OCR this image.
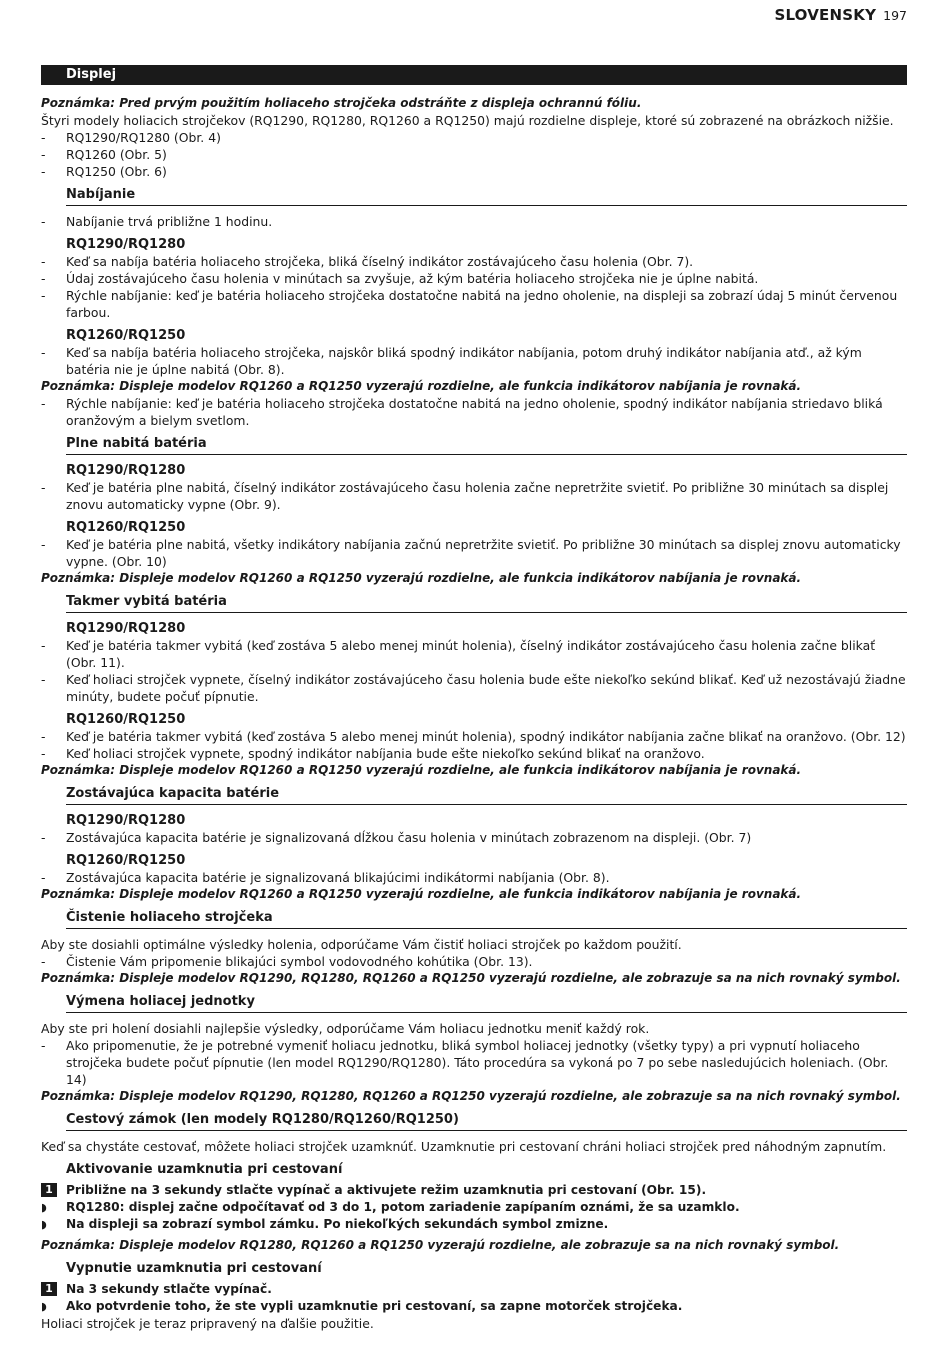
SLOVENSKY 197
Displej
Poznámka: Pred prvým použitím holiaceho strojčeka odstráňte z displeja ochrannú fóliu.
Štyri modely holiacich strojčekov (RQ1290, RQ1280, RQ1260 a RQ1250) majú rozdielne displeje, ktoré sú zobrazené na obrázkoch nižšie.
-	RQ1290/RQ1280 (Obr. 4)
-	RQ1260 (Obr. 5)
-	RQ1250 (Obr. 6)
Nabíjanie
-	Nabíjanie trvá približne 1 hodinu.
RQ1290/RQ1280
-	Keď sa nabíja batéria holiaceho strojčeka, bliká číselný indikátor zostávajúceho času holenia (Obr. 7).
-	Údaj zostávajúceho času holenia v minútach sa zvyšuje, až kým batéria holiaceho strojčeka nie je úplne nabitá.
-	Rýchle nabíjanie: keď je batéria holiaceho strojčeka dostatočne nabitá na jedno oholenie, na displeji sa zobrazí údaj 5 minút červenou farbou.
RQ1260/RQ1250
-	Keď sa nabíja batéria holiaceho strojčeka, najskôr bliká spodný indikátor nabíjania, potom druhý indikátor nabíjania atď., až kým batéria nie je úplne nabitá (Obr. 8).
Poznámka: Displeje modelov RQ1260 a RQ1250 vyzerajú rozdielne, ale funkcia indikátorov nabíjania je rovnaká.
-	Rýchle nabíjanie: keď je batéria holiaceho strojčeka dostatočne nabitá na jedno oholenie, spodný indikátor nabíjania striedavo bliká oranžovým a bielym svetlom.
Plne nabitá batéria
RQ1290/RQ1280
-	Keď je batéria plne nabitá, číselný indikátor zostávajúceho času holenia začne nepretržite svietiť. Po približne 30 minútach sa displej znovu automaticky vypne (Obr. 9).
RQ1260/RQ1250
-	Keď je batéria plne nabitá, všetky indikátory nabíjania začnú nepretržite svietiť. Po približne 30 minútach sa displej znovu automaticky vypne. (Obr. 10)
Poznámka: Displeje modelov RQ1260 a RQ1250 vyzerajú rozdielne, ale funkcia indikátorov nabíjania je rovnaká.
Takmer vybitá batéria
RQ1290/RQ1280
-	Keď je batéria takmer vybitá (keď zostáva 5 alebo menej minút holenia), číselný indikátor zostávajúceho času holenia začne blikať (Obr. 11).
-	Keď holiaci strojček vypnete, číselný indikátor zostávajúceho času holenia bude ešte niekoľko sekúnd blikať. Keď už nezostávajú žiadne minúty, budete počuť pípnutie.
RQ1260/RQ1250
-	Keď je batéria takmer vybitá (keď zostáva 5 alebo menej minút holenia), spodný indikátor nabíjania začne blikať na oranžovo. (Obr. 12)
-	Keď holiaci strojček vypnete, spodný indikátor nabíjania bude ešte niekoľko sekúnd blikať na oranžovo.
Poznámka: Displeje modelov RQ1260 a RQ1250 vyzerajú rozdielne, ale funkcia indikátorov nabíjania je rovnaká.
Zostávajúca kapacita batérie
RQ1290/RQ1280
-	Zostávajúca kapacita batérie je signalizovaná dĺžkou času holenia v minútach zobrazenom na displeji. (Obr. 7)
RQ1260/RQ1250
-	Zostávajúca kapacita batérie je signalizovaná blikajúcimi indikátormi nabíjania (Obr. 8).
Poznámka: Displeje modelov RQ1260 a RQ1250 vyzerajú rozdielne, ale funkcia indikátorov nabíjania je rovnaká.
Čistenie holiaceho strojčeka
Aby ste dosiahli optimálne výsledky holenia, odporúčame Vám čistiť holiaci strojček po každom použití.
-	Čistenie Vám pripomenie blikajúci symbol vodovodného kohútika (Obr. 13).
Poznámka: Displeje modelov RQ1290, RQ1280, RQ1260 a RQ1250 vyzerajú rozdielne, ale zobrazuje sa na nich rovnaký symbol.
Výmena holiacej jednotky
Aby ste pri holení dosiahli najlepšie výsledky, odporúčame Vám holiacu jednotku meniť každý rok.
-	Ako pripomenutie, že je potrebné vymeniť holiacu jednotku, bliká symbol holiacej jednotky (všetky typy) a pri vypnutí holiaceho strojčeka budete počuť pípnutie (len model RQ1290/RQ1280). Táto procedúra sa vykoná po 7 po sebe nasledujúcich holeniach. (Obr. 14)
Poznámka: Displeje modelov RQ1290, RQ1280, RQ1260 a RQ1250 vyzerajú rozdielne, ale zobrazuje sa na nich rovnaký symbol.
Cestový zámok (len modely RQ1280/RQ1260/RQ1250)
Keď sa chystáte cestovať, môžete holiaci strojček uzamknúť. Uzamknutie pri cestovaní chráni holiaci strojček pred náhodným zapnutím.
Aktivovanie uzamknutia pri cestovaní
1	Približne na 3 sekundy stlačte vypínač a aktivujete režim uzamknutia pri cestovaní (Obr. 15).
◗	RQ1280: displej začne odpočítavať od 3 do 1, potom zariadenie zapípaním oznámi, že sa uzamklo.
◗	Na displeji sa zobrazí symbol zámku. Po niekoľkých sekundách symbol zmizne.
Poznámka: Displeje modelov RQ1280, RQ1260 a RQ1250 vyzerajú rozdielne, ale zobrazuje sa na nich rovnaký symbol.
Vypnutie uzamknutia pri cestovaní
1	Na 3 sekundy stlačte vypínač.
◗	Ako potvrdenie toho, že ste vypli uzamknutie pri cestovaní, sa zapne motorček strojčeka.
Holiaci strojček je teraz pripravený na ďalšie použitie.
